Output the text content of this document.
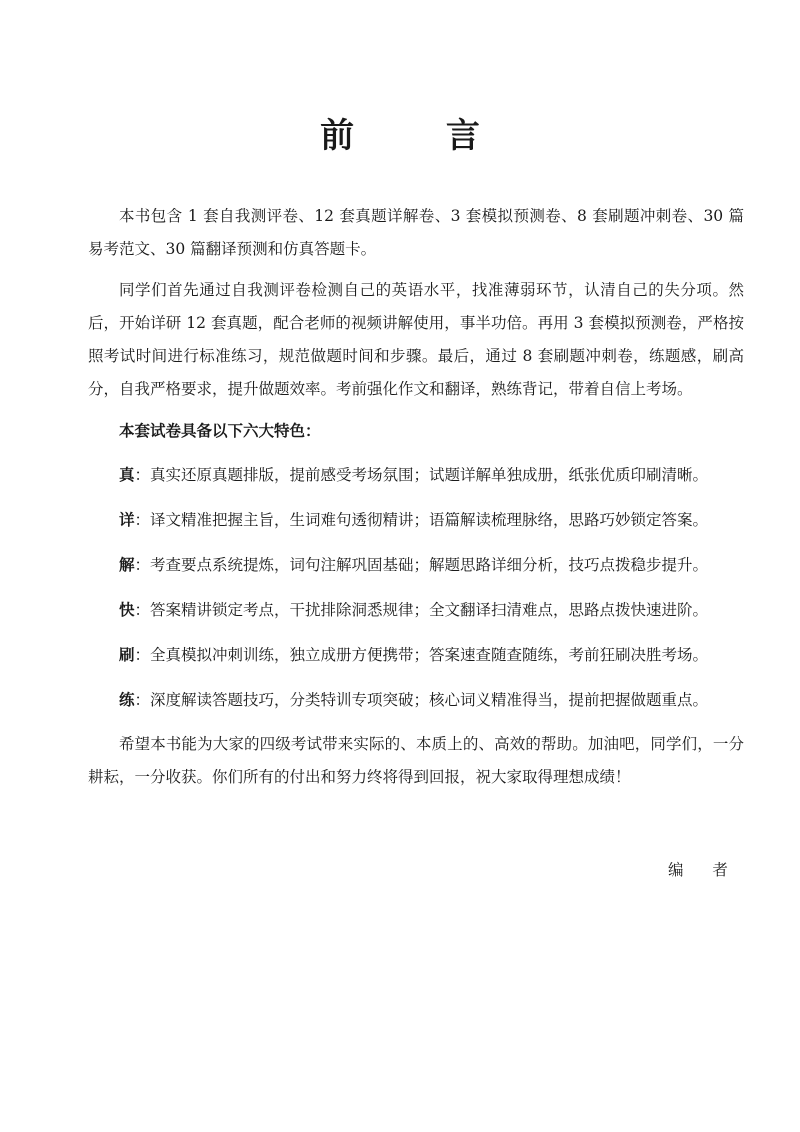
前 言

本书包含 1 套自我测评卷、12 套真题详解卷、3 套模拟预测卷、8 套刷题冲刺卷、30 篇易考范文、30 篇翻译预测和仿真答题卡。

同学们首先通过自我测评卷检测自己的英语水平，找准薄弱环节，认清自己的失分项。然后，开始详研 12 套真题，配合老师的视频讲解使用，事半功倍。再用 3 套模拟预测卷，严格按照考试时间进行标准练习，规范做题时间和步骤。最后，通过 8 套刷题冲刺卷，练题感，刷高分，自我严格要求，提升做题效率。考前强化作文和翻译，熟练背记，带着自信上考场。

本套试卷具备以下六大特色：

真：真实还原真题排版，提前感受考场氛围；试题详解单独成册，纸张优质印刷清晰。

详：译文精准把握主旨，生词难句透彻精讲；语篇解读梳理脉络，思路巧妙锁定答案。

解：考查要点系统提炼，词句注解巩固基础；解题思路详细分析，技巧点拨稳步提升。

快：答案精讲锁定考点，干扰排除洞悉规律；全文翻译扫清难点，思路点拨快速进阶。

刷：全真模拟冲刺训练，独立成册方便携带；答案速查随查随练，考前狂刷决胜考场。

练：深度解读答题技巧，分类特训专项突破；核心词义精准得当，提前把握做题重点。

希望本书能为大家的四级考试带来实际的、本质上的、高效的帮助。加油吧，同学们，一分耕耘，一分收获。你们所有的付出和努力终将得到回报，祝大家取得理想成绩！

编 者
